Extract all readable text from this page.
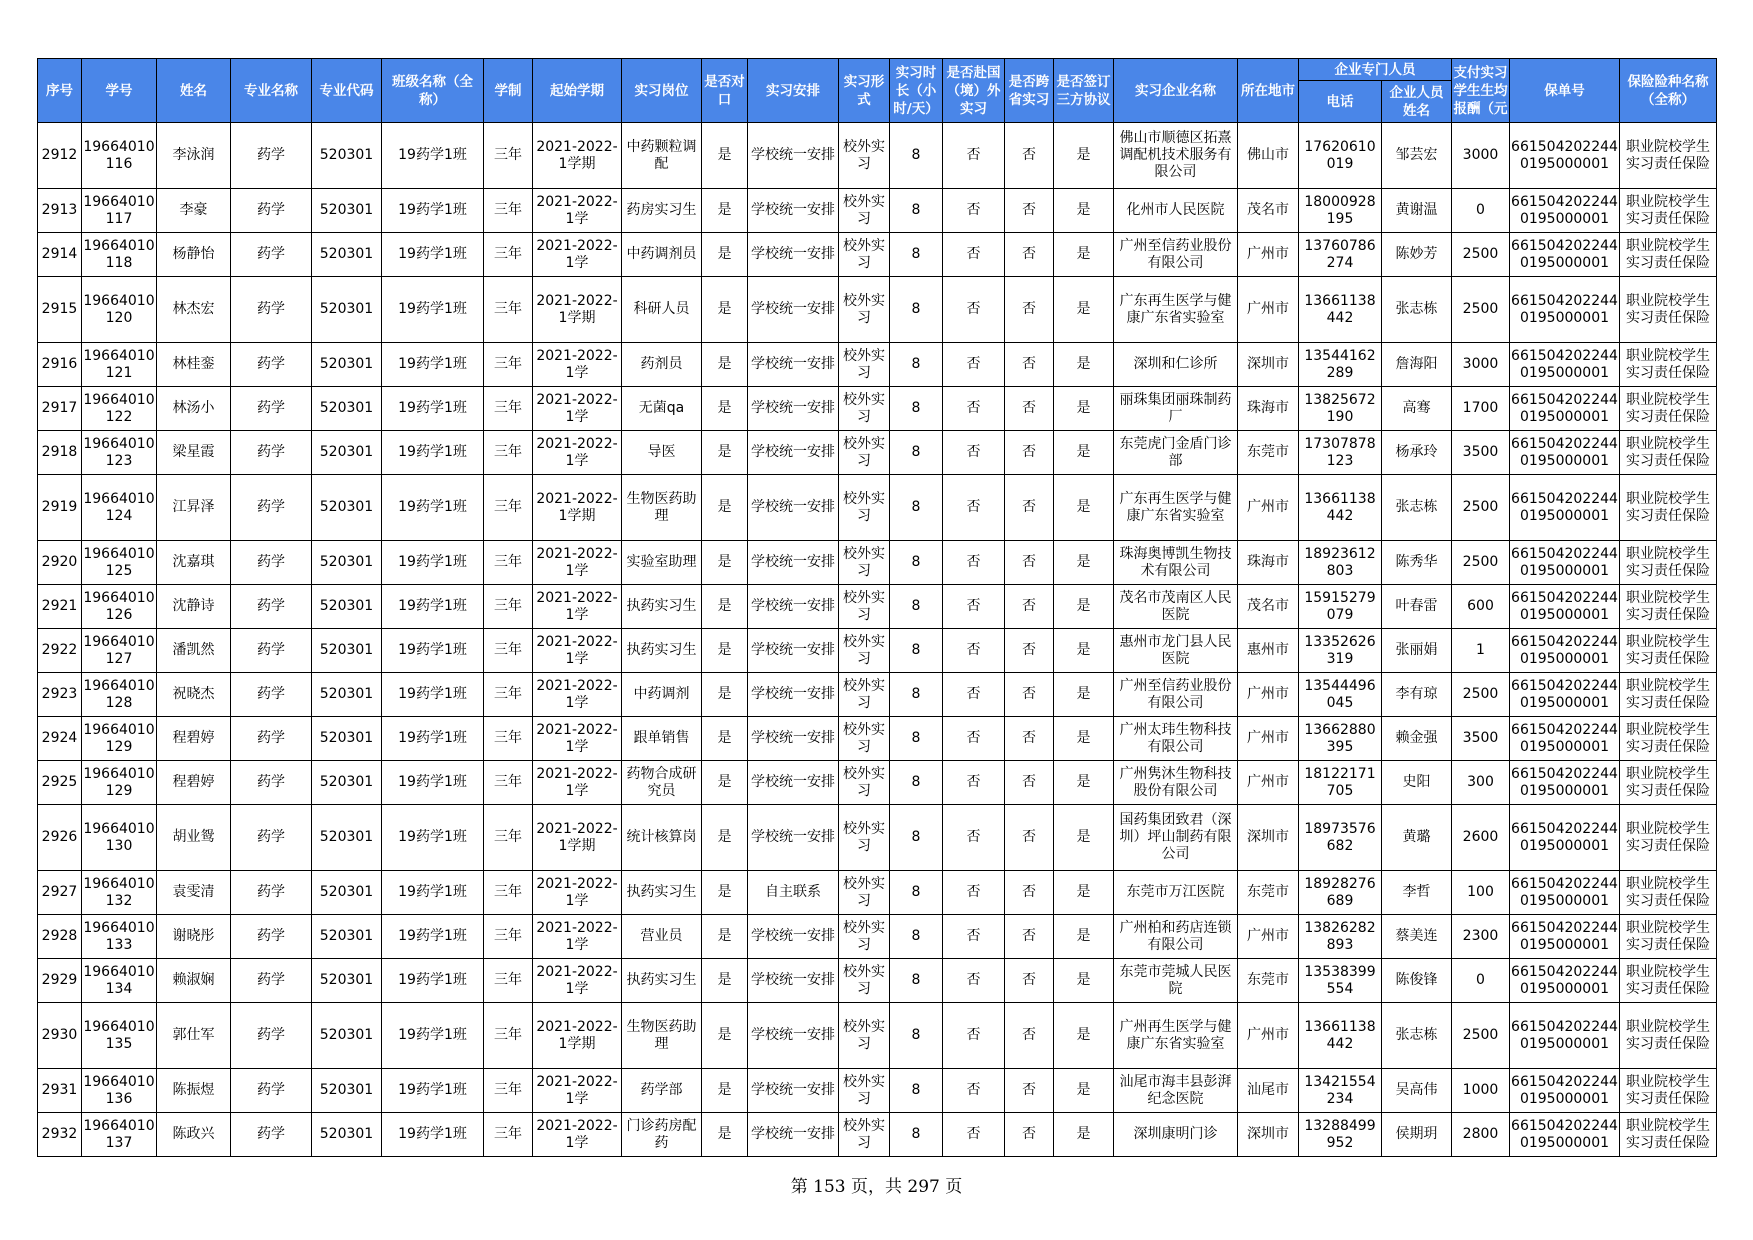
序号	学号	姓名	专业名称	专业代码	班级名称（全称）	学制	起始学期	实习岗位	是否对口	实习安排	实习形式	实习时长（小时/天）	是否赴国（境）外实习	是否跨省实习	是否签订三方协议	实习企业名称	所在地市	企业专门人员		支付实习学生生均报酬（元	保单号	保险险种名称（全称）
																		电话	企业人员姓名			
2912	19664010116	李泳润	药学	520301	19药学1班	三年	2021-2022-1学期	中药颗粒调配	是	学校统一安排	校外实习	8	否	否	是	佛山市顺德区拓熹调配机技术服务有限公司	佛山市	17620610019	邹芸宏	3000	6615042022440195000001	职业院校学生实习责任保险
2913	19664010117	李豪	药学	520301	19药学1班	三年	2021-2022-1学	药房实习生	是	学校统一安排	校外实习	8	否	否	是	化州市人民医院	茂名市	18000928195	黄谢温	0	6615042022440195000001	职业院校学生实习责任保险
2914	19664010118	杨静怡	药学	520301	19药学1班	三年	2021-2022-1学	中药调剂员	是	学校统一安排	校外实习	8	否	否	是	广州至信药业股份有限公司	广州市	13760786274	陈妙芳	2500	6615042022440195000001	职业院校学生实习责任保险
2915	19664010120	林杰宏	药学	520301	19药学1班	三年	2021-2022-1学期	科研人员	是	学校统一安排	校外实习	8	否	否	是	广东再生医学与健康广东省实验室	广州市	13661138442	张志栋	2500	6615042022440195000001	职业院校学生实习责任保险
2916	19664010121	林桂銮	药学	520301	19药学1班	三年	2021-2022-1学	药剂员	是	学校统一安排	校外实习	8	否	否	是	深圳和仁诊所	深圳市	13544162289	詹海阳	3000	6615042022440195000001	职业院校学生实习责任保险
2917	19664010122	林汤小	药学	520301	19药学1班	三年	2021-2022-1学	无菌qa	是	学校统一安排	校外实习	8	否	否	是	丽珠集团丽珠制药厂	珠海市	13825672190	高骞	1700	6615042022440195000001	职业院校学生实习责任保险
2918	19664010123	梁星霞	药学	520301	19药学1班	三年	2021-2022-1学	导医	是	学校统一安排	校外实习	8	否	否	是	东莞虎门金盾门诊部	东莞市	17307878123	杨承玲	3500	6615042022440195000001	职业院校学生实习责任保险
2919	19664010124	江昇泽	药学	520301	19药学1班	三年	2021-2022-1学期	生物医药助理	是	学校统一安排	校外实习	8	否	否	是	广东再生医学与健康广东省实验室	广州市	13661138442	张志栋	2500	6615042022440195000001	职业院校学生实习责任保险
2920	19664010125	沈嘉琪	药学	520301	19药学1班	三年	2021-2022-1学	实验室助理	是	学校统一安排	校外实习	8	否	否	是	珠海奥博凯生物技术有限公司	珠海市	18923612803	陈秀华	2500	6615042022440195000001	职业院校学生实习责任保险
2921	19664010126	沈静诗	药学	520301	19药学1班	三年	2021-2022-1学	执药实习生	是	学校统一安排	校外实习	8	否	否	是	茂名市茂南区人民医院	茂名市	15915279079	叶春雷	600	6615042022440195000001	职业院校学生实习责任保险
2922	19664010127	潘凯然	药学	520301	19药学1班	三年	2021-2022-1学	执药实习生	是	学校统一安排	校外实习	8	否	否	是	惠州市龙门县人民医院	惠州市	13352626319	张丽娟	1	6615042022440195000001	职业院校学生实习责任保险
2923	19664010128	祝晓杰	药学	520301	19药学1班	三年	2021-2022-1学	中药调剂	是	学校统一安排	校外实习	8	否	否	是	广州至信药业股份有限公司	广州市	13544496045	李有琼	2500	6615042022440195000001	职业院校学生实习责任保险
2924	19664010129	程碧婷	药学	520301	19药学1班	三年	2021-2022-1学	跟单销售	是	学校统一安排	校外实习	8	否	否	是	广州太玮生物科技有限公司	广州市	13662880395	赖金强	3500	6615042022440195000001	职业院校学生实习责任保险
2925	19664010129	程碧婷	药学	520301	19药学1班	三年	2021-2022-1学	药物合成研究员	是	学校统一安排	校外实习	8	否	否	是	广州隽沐生物科技股份有限公司	广州市	18122171705	史阳	300	6615042022440195000001	职业院校学生实习责任保险
2926	19664010130	胡业鸳	药学	520301	19药学1班	三年	2021-2022-1学期	统计核算岗	是	学校统一安排	校外实习	8	否	否	是	国药集团致君（深圳）坪山制药有限公司	深圳市	18973576682	黄璐	2600	6615042022440195000001	职业院校学生实习责任保险
2927	19664010132	袁雯清	药学	520301	19药学1班	三年	2021-2022-1学	执药实习生	是	自主联系	校外实习	8	否	否	是	东莞市万江医院	东莞市	18928276689	李哲	100	6615042022440195000001	职业院校学生实习责任保险
2928	19664010133	谢晓彤	药学	520301	19药学1班	三年	2021-2022-1学	营业员	是	学校统一安排	校外实习	8	否	否	是	广州柏和药店连锁有限公司	广州市	13826282893	蔡美连	2300	6615042022440195000001	职业院校学生实习责任保险
2929	19664010134	赖淑娴	药学	520301	19药学1班	三年	2021-2022-1学	执药实习生	是	学校统一安排	校外实习	8	否	否	是	东莞市莞城人民医院	东莞市	13538399554	陈俊锋	0	6615042022440195000001	职业院校学生实习责任保险
2930	19664010135	郭仕军	药学	520301	19药学1班	三年	2021-2022-1学期	生物医药助理	是	学校统一安排	校外实习	8	否	否	是	广州再生医学与健康广东省实验室	广州市	13661138442	张志栋	2500	6615042022440195000001	职业院校学生实习责任保险
2931	19664010136	陈振煜	药学	520301	19药学1班	三年	2021-2022-1学	药学部	是	学校统一安排	校外实习	8	否	否	是	汕尾市海丰县彭湃纪念医院	汕尾市	13421554234	吴高伟	1000	6615042022440195000001	职业院校学生实习责任保险
2932	19664010137	陈政兴	药学	520301	19药学1班	三年	2021-2022-1学	门诊药房配药	是	学校统一安排	校外实习	8	否	否	是	深圳康明门诊	深圳市	13288499952	侯期玥	2800	6615042022440195000001	职业院校学生实习责任保险
第 153 页，共 297 页
